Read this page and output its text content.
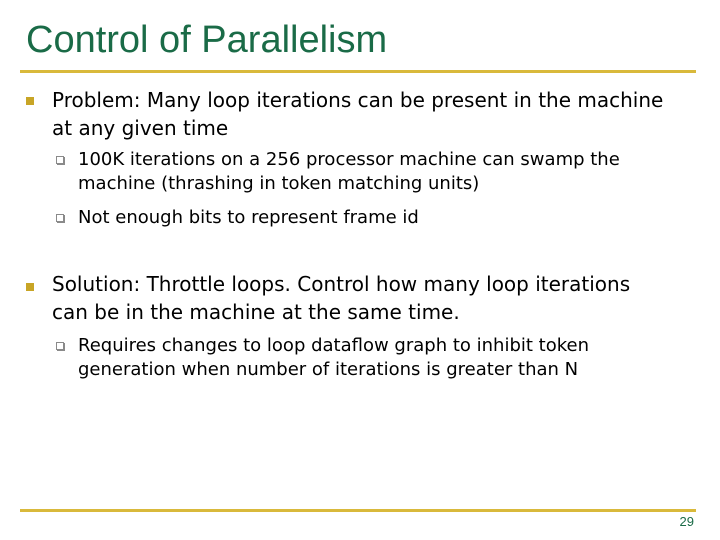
Control of Parallelism
Problem: Many loop iterations can be present in the machine at any given time
100K iterations on a 256 processor machine can swamp the machine (thrashing in token matching units)
Not enough bits to represent frame id
Solution: Throttle loops. Control how many loop iterations can be in the machine at the same time.
Requires changes to loop dataflow graph to inhibit token generation when number of iterations is greater than N
29
